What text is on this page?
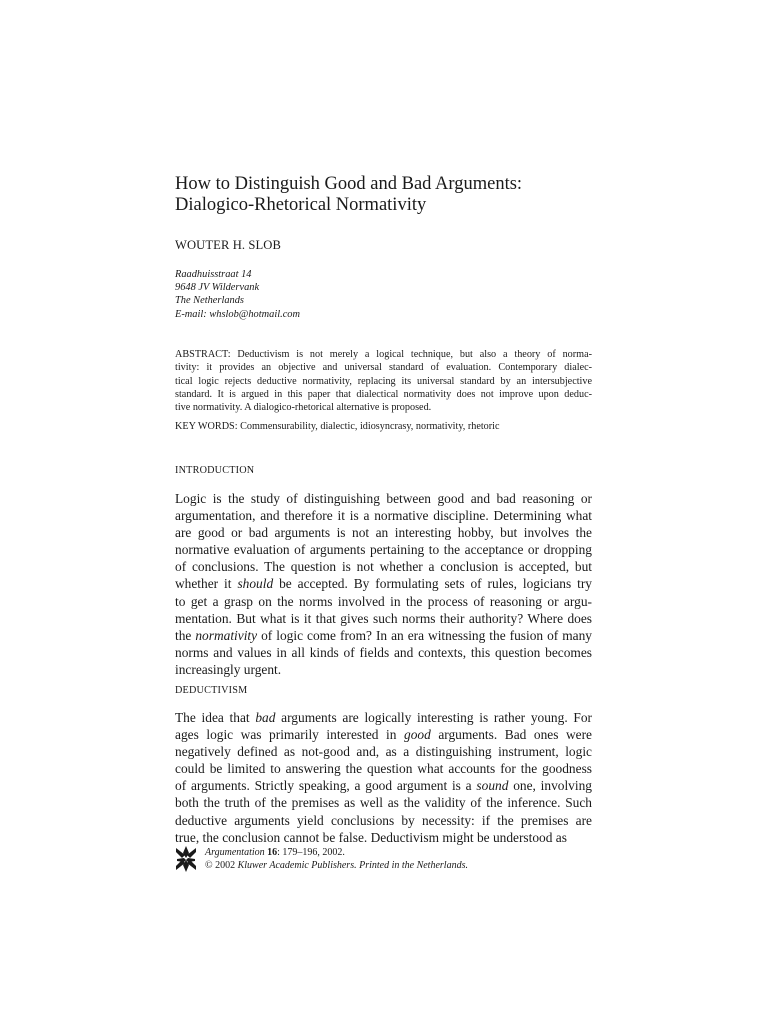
How to Distinguish Good and Bad Arguments:
Dialogico-Rhetorical Normativity
WOUTER H. SLOB
Raadhuisstraat 14
9648 JV Wildervank
The Netherlands
E-mail: whslob@hotmail.com
ABSTRACT: Deductivism is not merely a logical technique, but also a theory of norma-
tivity: it provides an objective and universal standard of evaluation. Contemporary dialec-
tical logic rejects deductive normativity, replacing its universal standard by an intersubjective
standard. It is argued in this paper that dialectical normativity does not improve upon deduc-
tive normativity. A dialogico-rhetorical alternative is proposed.
KEY WORDS: Commensurability, dialectic, idiosyncrasy, normativity, rhetoric
INTRODUCTION
Logic is the study of distinguishing between good and bad reasoning or
argumentation, and therefore it is a normative discipline. Determining what
are good or bad arguments is not an interesting hobby, but involves the
normative evaluation of arguments pertaining to the acceptance or dropping
of conclusions. The question is not whether a conclusion is accepted, but
whether it should be accepted. By formulating sets of rules, logicians try
to get a grasp on the norms involved in the process of reasoning or argu-
mentation. But what is it that gives such norms their authority? Where does
the normativity of logic come from? In an era witnessing the fusion of many
norms and values in all kinds of fields and contexts, this question becomes
increasingly urgent.
DEDUCTIVISM
The idea that bad arguments are logically interesting is rather young. For
ages logic was primarily interested in good arguments. Bad ones were
negatively defined as not-good and, as a distinguishing instrument, logic
could be limited to answering the question what accounts for the goodness
of arguments. Strictly speaking, a good argument is a sound one, involving
both the truth of the premises as well as the validity of the inference. Such
deductive arguments yield conclusions by necessity: if the premises are
true, the conclusion cannot be false. Deductivism might be understood as
Argumentation 16: 179–196, 2002.
© 2002 Kluwer Academic Publishers. Printed in the Netherlands.
